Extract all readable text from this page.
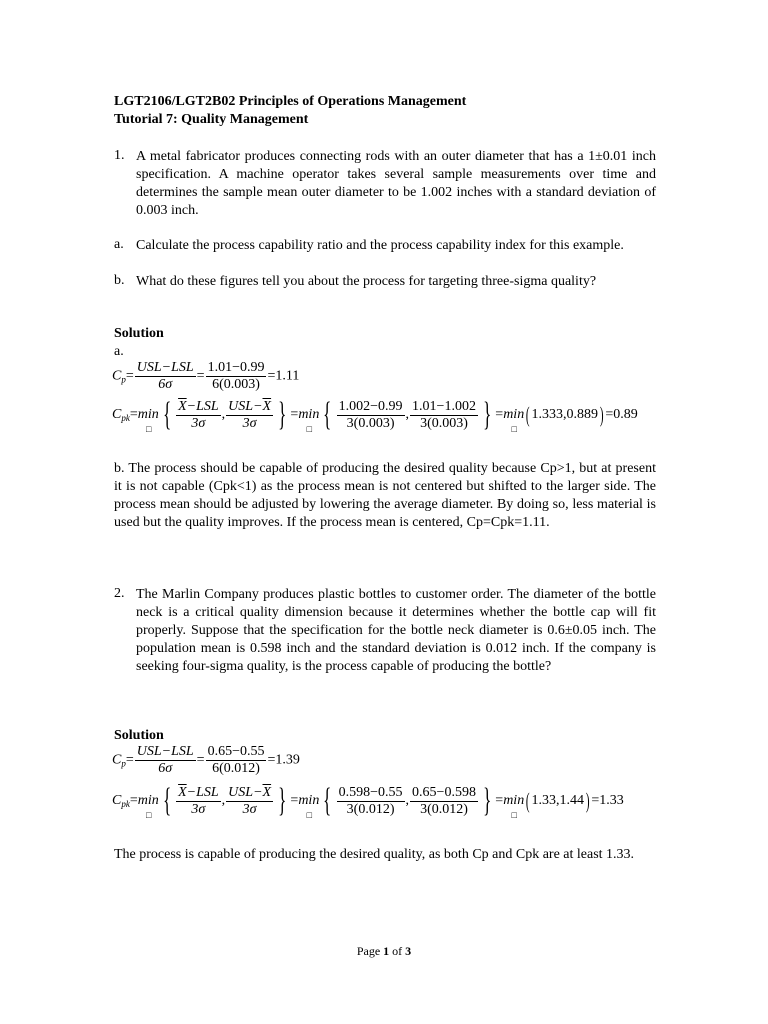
LGT2106/LGT2B02 Principles of Operations Management
Tutorial 7: Quality Management
1. A metal fabricator produces connecting rods with an outer diameter that has a 1±0.01 inch specification. A machine operator takes several sample measurements over time and determines the sample mean outer diameter to be 1.002 inches with a standard deviation of 0.003 inch.
a. Calculate the process capability ratio and the process capability index for this example.
b. What do these figures tell you about the process for targeting three-sigma quality?
Solution
a.
$C_p= \frac{\text{USL−LSL}}{6\sigma} = \frac{1.01-0.99}{6(0.003)} =1.11$
$C_{pk}=\min□$ { $\frac{\overline{X}-LSL}{3\sigma}$ , $\frac{USL-\overline{X}}{3\sigma}$ } =min□ { $\frac{1.002-0.99}{3(0.003)}$ , $\frac{1.01-1.002}{3(0.003)}$ } =min□( 1.333,0.889) =0.89
b. The process should be capable of producing the desired quality because Cp>1, but at present it is not capable (Cpk<1) as the process mean is not centered but shifted to the larger side. The process mean should be adjusted by lowering the average diameter. By doing so, less material is used but the quality improves. If the process mean is centered, Cp=Cpk=1.11.
2. The Marlin Company produces plastic bottles to customer order. The diameter of the bottle neck is a critical quality dimension because it determines whether the bottle cap will fit properly. Suppose that the specification for the bottle neck diameter is 0.6±0.05 inch. The population mean is 0.598 inch and the standard deviation is 0.012 inch. If the company is seeking four-sigma quality, is the process capable of producing the bottle?
Solution
$C_p= \frac{\text{USL−LSL}}{6\sigma} = \frac{0.65-0.55}{6(0.012)} =1.39$
$C_{pk}=\min□$ { $\frac{\overline{X}-LSL}{3\sigma}$ , $\frac{USL-\overline{X}}{3\sigma}$ } =min□ { $\frac{0.598-0.55}{3(0.012)}$ , $\frac{0.65-0.598}{3(0.012)}$ } =min□( 1.33,1.44) =1.33
The process is capable of producing the desired quality, as both Cp and Cpk are at least 1.33.
Page 1 of 3
